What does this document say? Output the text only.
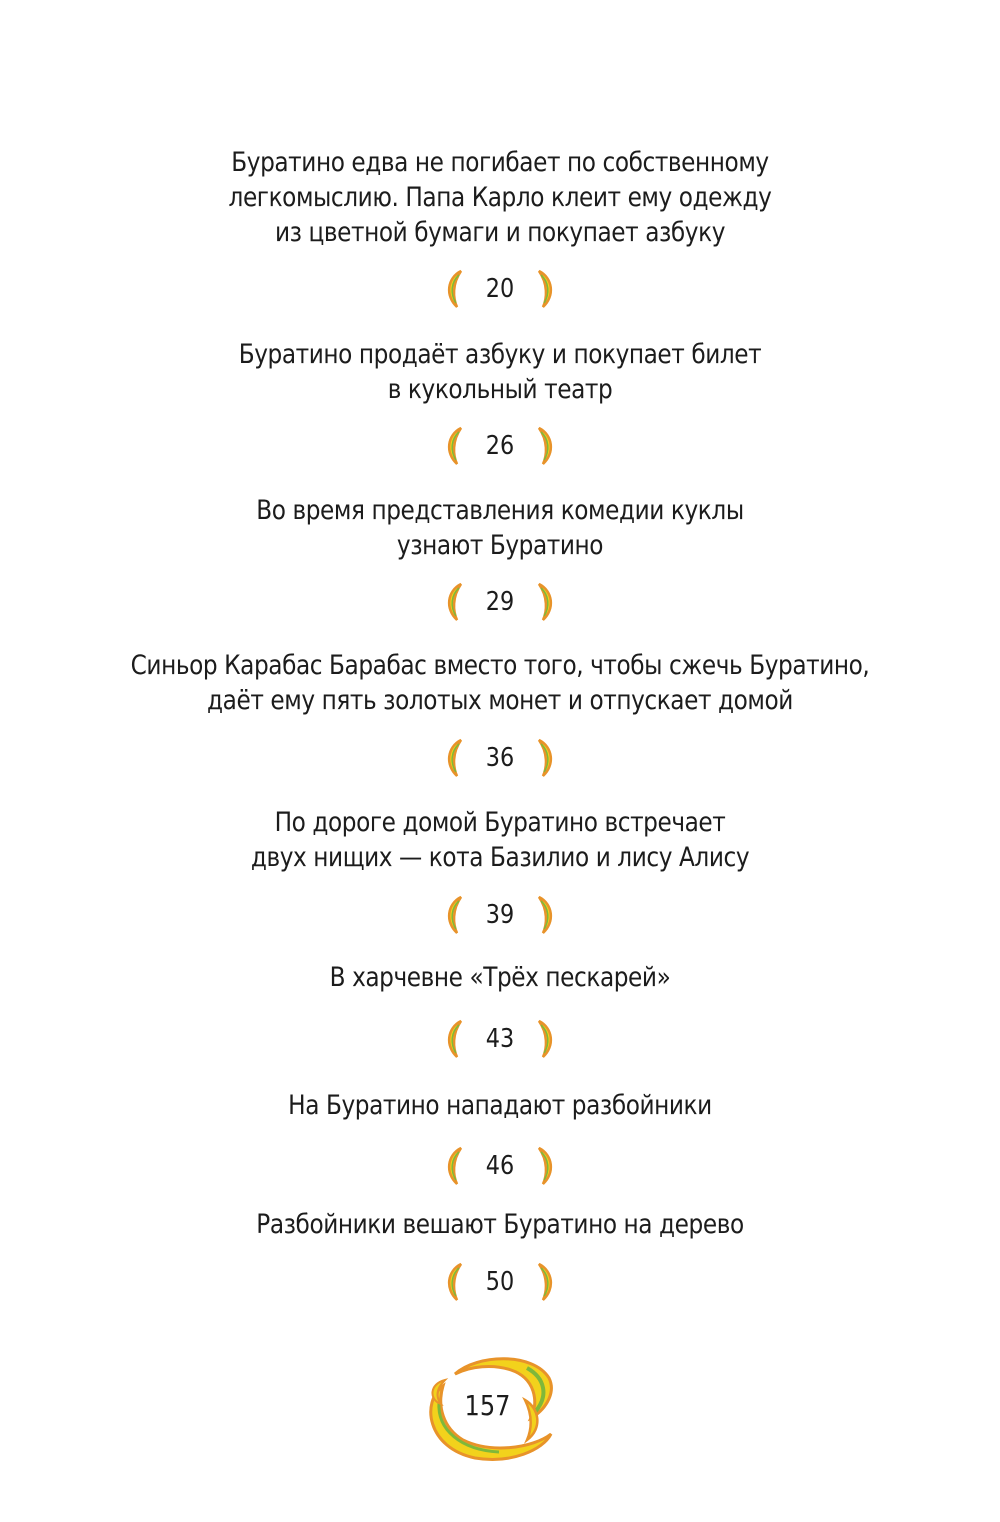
Буратино едва не погибает по собственному
легкомыслию. Папа Карло клеит ему одежду
из цветной бумаги и покупает азбуку
20
Буратино продаёт азбуку и покупает билет
в кукольный театр
26
Во время представления комедии куклы
узнают Буратино
29
Синьор Карабас Барабас вместо того, чтобы сжечь Буратино,
даёт ему пять золотых монет и отпускает домой
36
По дороге домой Буратино встречает
двух нищих — кота Базилио и лису Алису
39
В харчевне «Трёх пескарей»
43
На Буратино нападают разбойники
46
Разбойники вешают Буратино на дерево
50
157
